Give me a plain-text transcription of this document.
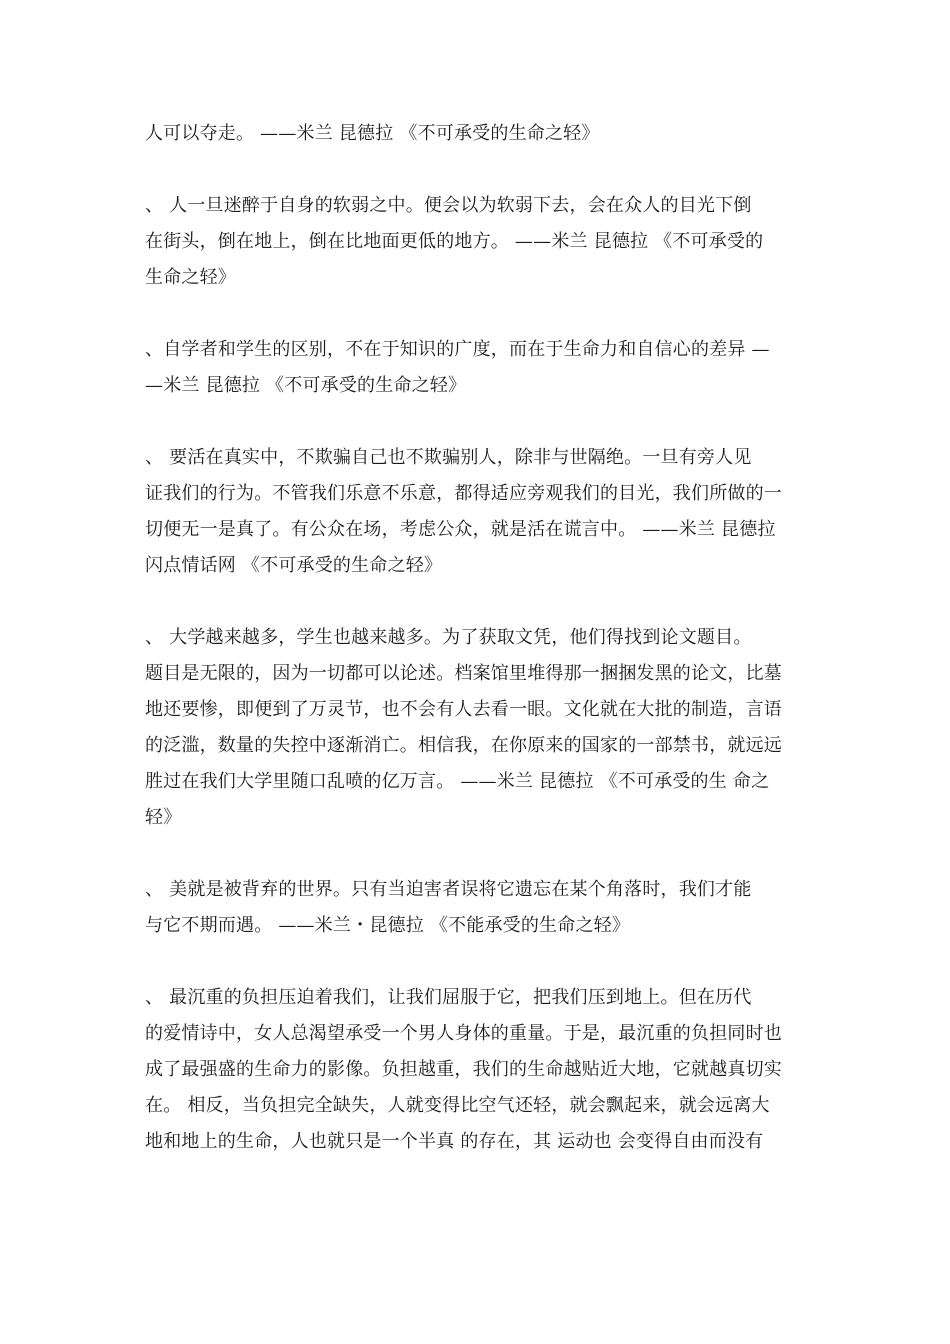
人可以夺走。 ——米兰 昆德拉 《不可承受的生命之轻》

、 人一旦迷醉于自身的软弱之中。便会以为软弱下去，会在众人的目光下倒
在街头，倒在地上，倒在比地面更低的地方。 ——米兰 昆德拉 《不可承受的
生命之轻》

、自学者和学生的区别，不在于知识的广度，而在于生命力和自信心的差异 —
—米兰 昆德拉 《不可承受的生命之轻》

、 要活在真实中，不欺骗自己也不欺骗别人，除非与世隔绝。一旦有旁人见
证我们的行为。不管我们乐意不乐意，都得适应旁观我们的目光，我们所做的一
切便无一是真了。有公众在场，考虑公众，就是活在谎言中。 ——米兰 昆德拉
闪点情话网 《不可承受的生命之轻》

、 大学越来越多，学生也越来越多。为了获取文凭，他们得找到论文题目。
题目是无限的，因为一切都可以论述。档案馆里堆得那一捆捆发黑的论文，比墓
地还要惨，即便到了万灵节，也不会有人去看一眼。文化就在大批的制造，言语
的泛滥，数量的失控中逐渐消亡。相信我，在你原来的国家的一部禁书，就远远
胜过在我们大学里随口乱喷的亿万言。 ——米兰 昆德拉 《不可承受的生 命之
轻》

、 美就是被背弃的世界。只有当迫害者误将它遗忘在某个角落时，我们才能
与它不期而遇。 ——米兰・昆德拉 《不能承受的生命之轻》

、 最沉重的负担压迫着我们，让我们屈服于它，把我们压到地上。但在历代
的爱情诗中，女人总渴望承受一个男人身体的重量。于是，最沉重的负担同时也
成了最强盛的生命力的影像。负担越重，我们的生命越贴近大地，它就越真切实
在。 相反，当负担完全缺失，人就变得比空气还轻，就会飘起来，就会远离大
地和地上的生命，人也就只是一个半真 的存在，其 运动也 会变得自由而没有
